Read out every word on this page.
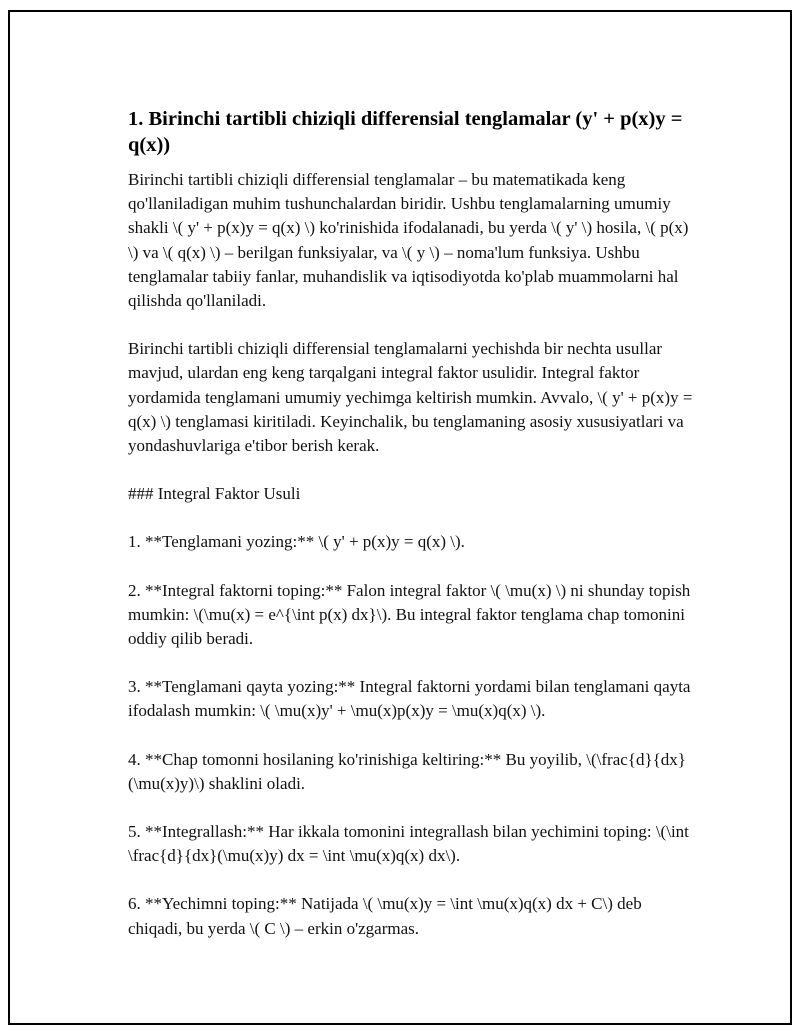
1. Birinchi tartibli chiziqli differensial tenglamalar (y' + p(x)y = q(x))

Birinchi tartibli chiziqli differensial tenglamalar – bu matematikada keng qo'llaniladigan muhim tushunchalardan biridir. Ushbu tenglamalarning umumiy shakli \( y' + p(x)y = q(x) \) ko'rinishida ifodalanadi, bu yerda \( y' \) hosila, \( p(x) \) va \( q(x) \) – berilgan funksiyalar, va \( y \) – noma'lum funksiya. Ushbu tenglamalar tabiiy fanlar, muhandislik va iqtisodiyotda ko'plab muammolarni hal qilishda qo'llaniladi.

Birinchi tartibli chiziqli differensial tenglamalarni yechishda bir nechta usullar mavjud, ulardan eng keng tarqalgani integral faktor usulidir. Integral faktor yordamida tenglamani umumiy yechimga keltirish mumkin. Avvalo, \( y' + p(x)y = q(x) \) tenglamasi kiritiladi. Keyinchalik, bu tenglamaning asosiy xususiyatlari va yondashuvlariga e'tibor berish kerak.

### Integral Faktor Usuli

1. **Tenglamani yozing:** \( y' + p(x)y = q(x) \).

2. **Integral faktorni toping:** Falon integral faktor \( \mu(x) \) ni shunday topish mumkin: \(\mu(x) = e^{\int p(x) dx}\). Bu integral faktor tenglama chap tomonini oddiy qilib beradi.

3. **Tenglamani qayta yozing:** Integral faktorni yordami bilan tenglamani qayta ifodalash mumkin: \( \mu(x)y' + \mu(x)p(x)y = \mu(x)q(x) \).

4. **Chap tomonni hosilaning ko'rinishiga keltiring:** Bu yoyilib, \(\frac{d}{dx}(\mu(x)y)\) shaklini oladi.

5. **Integrallash:** Har ikkala tomonini integrallash bilan yechimini toping: \(\int \frac{d}{dx}(\mu(x)y) dx = \int \mu(x)q(x) dx\).

6. **Yechimni toping:** Natijada \( \mu(x)y = \int \mu(x)q(x) dx + C\) deb chiqadi, bu yerda \( C \) – erkin o'zgarmas.
